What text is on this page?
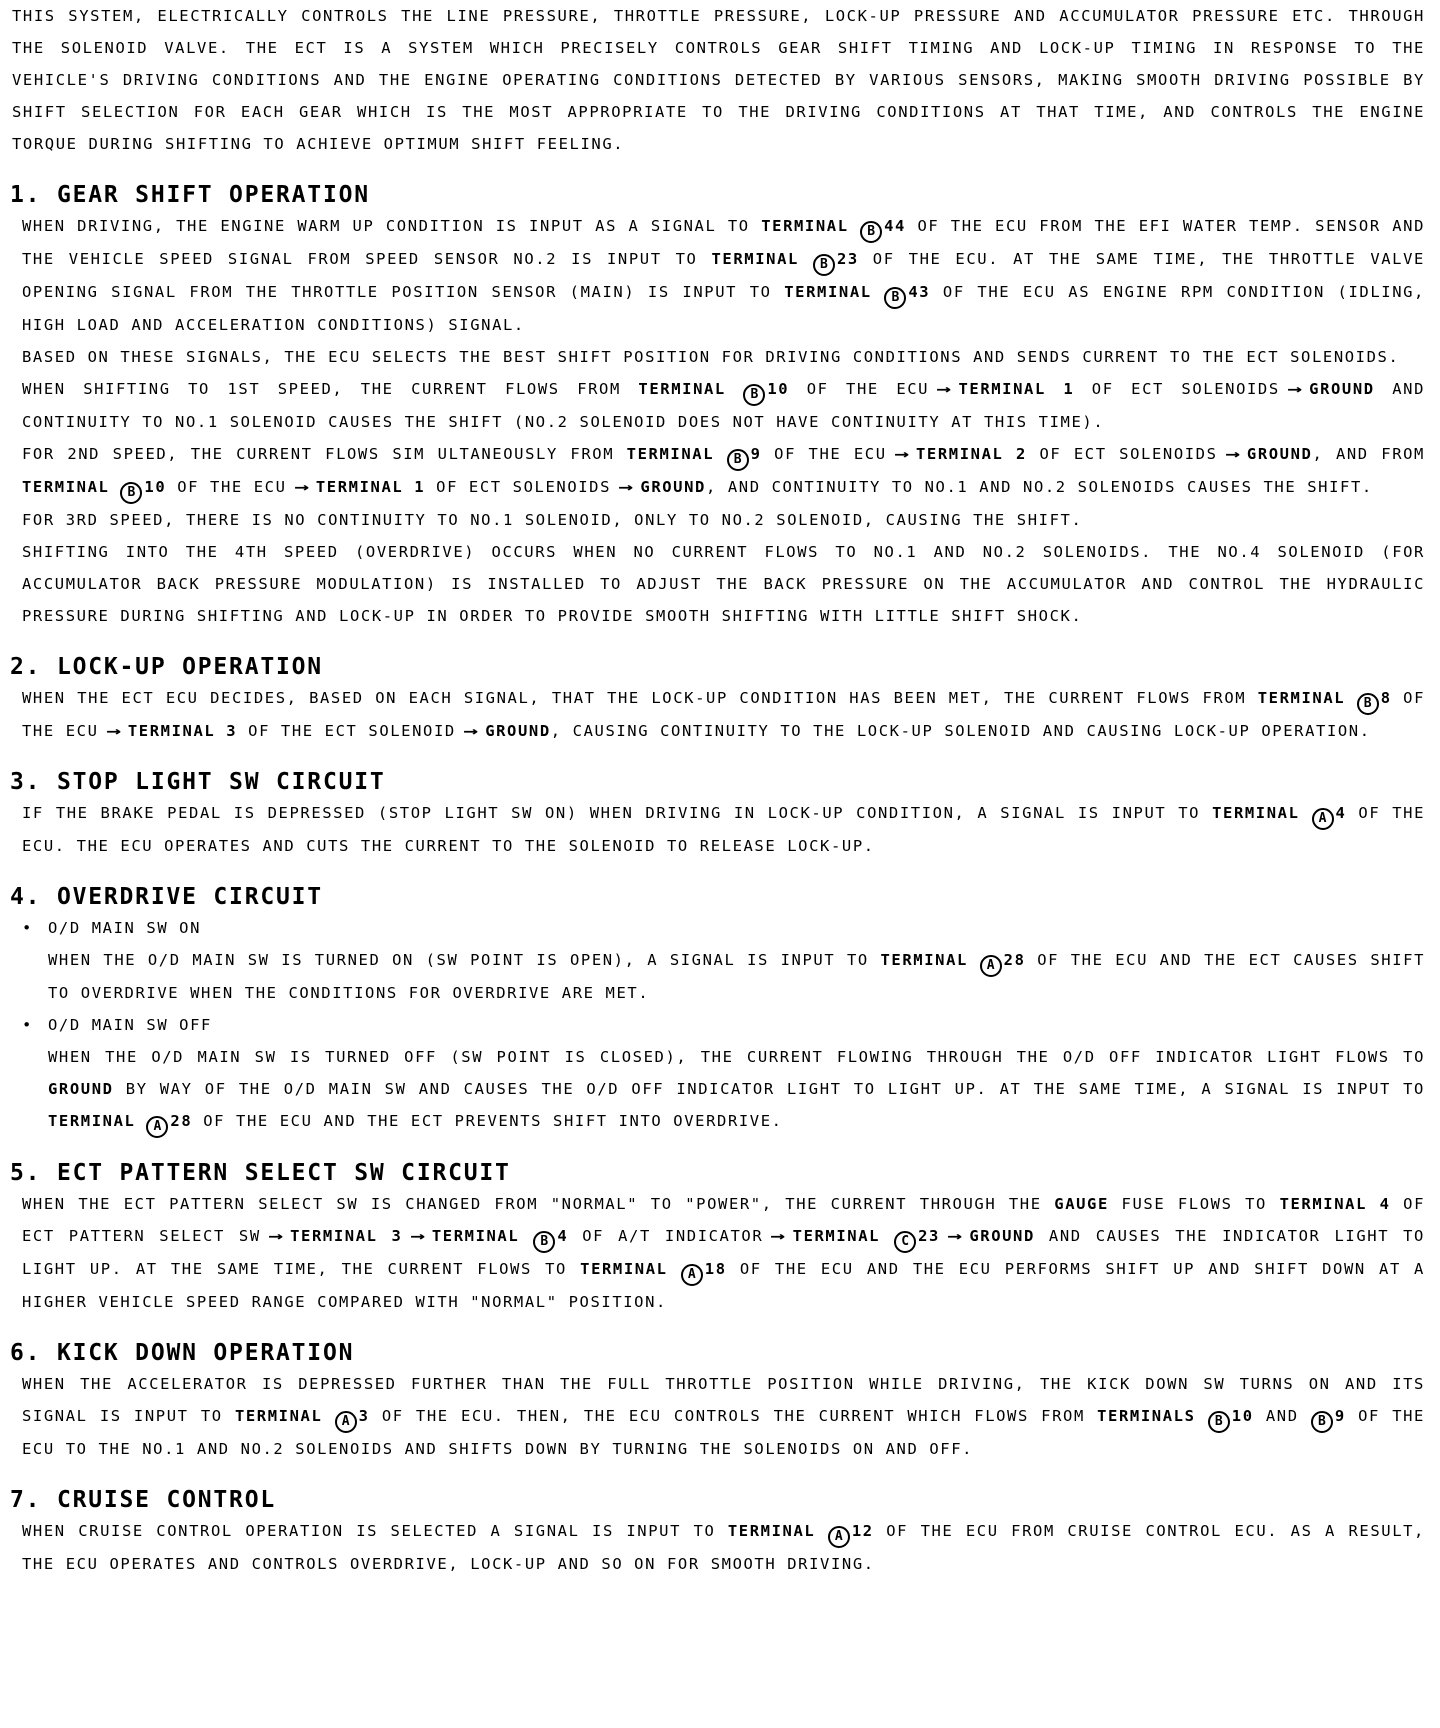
THIS SYSTEM, ELECTRICALLY CONTROLS THE LINE PRESSURE, THROTTLE PRESSURE, LOCK-UP PRESSURE AND ACCUMULATOR PRESSURE ETC. THROUGH THE SOLENOID VALVE. THE ECT IS A SYSTEM WHICH PRECISELY CONTROLS GEAR SHIFT TIMING AND LOCK-UP TIMING IN RESPONSE TO THE VEHICLE'S DRIVING CONDITIONS AND THE ENGINE OPERATING CONDITIONS DETECTED BY VARIOUS SENSORS, MAKING SMOOTH DRIVING POSSIBLE BY SHIFT SELECTION FOR EACH GEAR WHICH IS THE MOST APPROPRIATE TO THE DRIVING CONDITIONS AT THAT TIME, AND CONTROLS THE ENGINE TORQUE DURING SHIFTING TO ACHIEVE OPTIMUM SHIFT FEELING.

1. GEAR SHIFT OPERATION

WHEN DRIVING, THE ENGINE WARM UP CONDITION IS INPUT AS A SIGNAL TO TERMINAL B 44 OF THE ECU FROM THE EFI WATER TEMP. SENSOR AND THE VEHICLE SPEED SIGNAL FROM SPEED SENSOR NO.2 IS INPUT TO TERMINAL B 23 OF THE ECU. AT THE SAME TIME, THE THROTTLE VALVE OPENING SIGNAL FROM THE THROTTLE POSITION SENSOR (MAIN) IS INPUT TO TERMINAL B 43 OF THE ECU AS ENGINE RPM CONDITION (IDLING, HIGH LOAD AND ACCELERATION CONDITIONS) SIGNAL.

BASED ON THESE SIGNALS, THE ECU SELECTS THE BEST SHIFT POSITION FOR DRIVING CONDITIONS AND SENDS CURRENT TO THE ECT SOLENOIDS.

WHEN SHIFTING TO 1ST SPEED, THE CURRENT FLOWS FROM TERMINAL B 10 OF THE ECU → TERMINAL 1 OF ECT SOLENOIDS → GROUND AND CONTINUITY TO NO.1 SOLENOID CAUSES THE SHIFT (NO.2 SOLENOID DOES NOT HAVE CONTINUITY AT THIS TIME).

FOR 2ND SPEED, THE CURRENT FLOWS SIM ULTANEOUSLY FROM TERMINAL B 9 OF THE ECU → TERMINAL 2 OF ECT SOLENOIDS → GROUND, AND FROM TERMINAL B 10 OF THE ECU → TERMINAL 1 OF ECT SOLENOIDS → GROUND, AND CONTINUITY TO NO.1 AND NO.2 SOLENOIDS CAUSES THE SHIFT.

FOR 3RD SPEED, THERE IS NO CONTINUITY TO NO.1 SOLENOID, ONLY TO NO.2 SOLENOID, CAUSING THE SHIFT.

SHIFTING INTO THE 4TH SPEED (OVERDRIVE) OCCURS WHEN NO CURRENT FLOWS TO NO.1 AND NO.2 SOLENOIDS. THE NO.4 SOLENOID (FOR ACCUMULATOR BACK PRESSURE MODULATION) IS INSTALLED TO ADJUST THE BACK PRESSURE ON THE ACCUMULATOR AND CONTROL THE HYDRAULIC PRESSURE DURING SHIFTING AND LOCK-UP IN ORDER TO PROVIDE SMOOTH SHIFTING WITH LITTLE SHIFT SHOCK.

2. LOCK-UP OPERATION

WHEN THE ECT ECU DECIDES, BASED ON EACH SIGNAL, THAT THE LOCK-UP CONDITION HAS BEEN MET, THE CURRENT FLOWS FROM TERMINAL B 8 OF THE ECU → TERMINAL 3 OF THE ECT SOLENOID → GROUND, CAUSING CONTINUITY TO THE LOCK-UP SOLENOID AND CAUSING LOCK-UP OPERATION.

3. STOP LIGHT SW CIRCUIT

IF THE BRAKE PEDAL IS DEPRESSED (STOP LIGHT SW ON) WHEN DRIVING IN LOCK-UP CONDITION, A SIGNAL IS INPUT TO TERMINAL A 4 OF THE ECU. THE ECU OPERATES AND CUTS THE CURRENT TO THE SOLENOID TO RELEASE LOCK-UP.

4. OVERDRIVE CIRCUIT

• O/D MAIN SW ON

WHEN THE O/D MAIN SW IS TURNED ON (SW POINT IS OPEN), A SIGNAL IS INPUT TO TERMINAL A 28 OF THE ECU AND THE ECT CAUSES SHIFT TO OVERDRIVE WHEN THE CONDITIONS FOR OVERDRIVE ARE MET.

• O/D MAIN SW OFF

WHEN THE O/D MAIN SW IS TURNED OFF (SW POINT IS CLOSED), THE CURRENT FLOWING THROUGH THE O/D OFF INDICATOR LIGHT FLOWS TO GROUND BY WAY OF THE O/D MAIN SW AND CAUSES THE O/D OFF INDICATOR LIGHT TO LIGHT UP. AT THE SAME TIME, A SIGNAL IS INPUT TO TERMINAL A 28 OF THE ECU AND THE ECT PREVENTS SHIFT INTO OVERDRIVE.

5. ECT PATTERN SELECT SW CIRCUIT

WHEN THE ECT PATTERN SELECT SW IS CHANGED FROM "NORMAL" TO "POWER", THE CURRENT THROUGH THE GAUGE FUSE FLOWS TO TERMINAL 4 OF ECT PATTERN SELECT SW → TERMINAL 3 → TERMINAL B 4 OF A/T INDICATOR → TERMINAL C 23 → GROUND AND CAUSES THE INDICATOR LIGHT TO LIGHT UP. AT THE SAME TIME, THE CURRENT FLOWS TO TERMINAL A 18 OF THE ECU AND THE ECU PERFORMS SHIFT UP AND SHIFT DOWN AT A HIGHER VEHICLE SPEED RANGE COMPARED WITH "NORMAL" POSITION.

6. KICK DOWN OPERATION

WHEN THE ACCELERATOR IS DEPRESSED FURTHER THAN THE FULL THROTTLE POSITION WHILE DRIVING, THE KICK DOWN SW TURNS ON AND ITS SIGNAL IS INPUT TO TERMINAL A 3 OF THE ECU. THEN, THE ECU CONTROLS THE CURRENT WHICH FLOWS FROM TERMINALS B 10 AND B 9 OF THE ECU TO THE NO.1 AND NO.2 SOLENOIDS AND SHIFTS DOWN BY TURNING THE SOLENOIDS ON AND OFF.

7. CRUISE CONTROL

WHEN CRUISE CONTROL OPERATION IS SELECTED A SIGNAL IS INPUT TO TERMINAL A 12 OF THE ECU FROM CRUISE CONTROL ECU. AS A RESULT, THE ECU OPERATES AND CONTROLS OVERDRIVE, LOCK-UP AND SO ON FOR SMOOTH DRIVING.
